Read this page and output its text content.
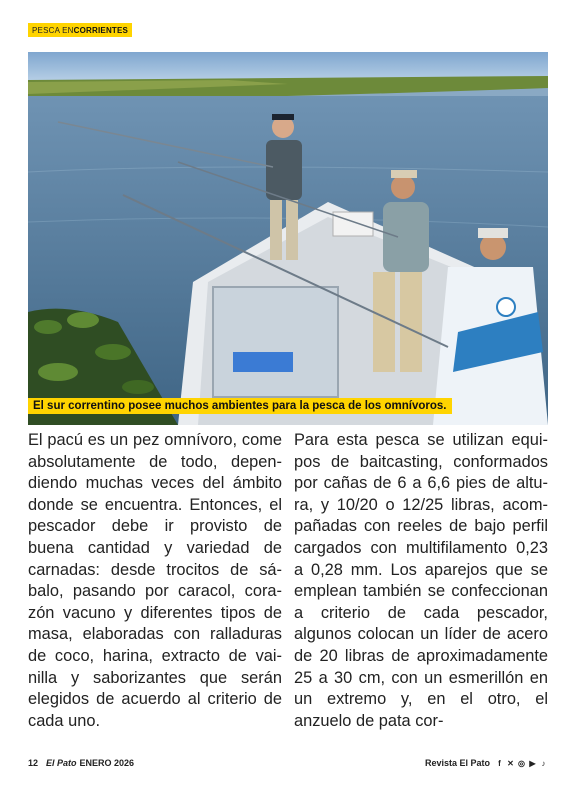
PESCA EN CORRIENTES
El sur correntino posee muchos ambientes para la pesca de los omnívoros.
El pacú es un pez omnívoro, come absolutamente de todo, dependiendo muchas veces del ámbito donde se encuentra. Entonces, el pescador debe ir provisto de buena cantidad y variedad de carnadas: desde trocitos de sábalo, pasando por caracol, corazón vacuno y diferentes tipos de masa, elaboradas con ralladuras de coco, harina, extracto de vainilla y saborizantes que serán elegidos de acuerdo al criterio de cada uno.
Para esta pesca se utilizan equipos de baitcasting, conformados por cañas de 6 a 6,6 pies de altura, y 10/20 o 12/25 libras, acompañadas con reeles de bajo perfil cargados con multifilamento 0,23 a 0,28 mm. Los aparejos que se emplean también se confeccionan a criterio de cada pescador, algunos colocan un líder de acero de 20 libras de aproximadamente 25 a 30 cm, con un esmerillón en un extremo y, en el otro, el anzuelo de pata cor-
12 El Pato ENERO 2026	Revista El Pato	f ✕ ◎ ▶ ♪
